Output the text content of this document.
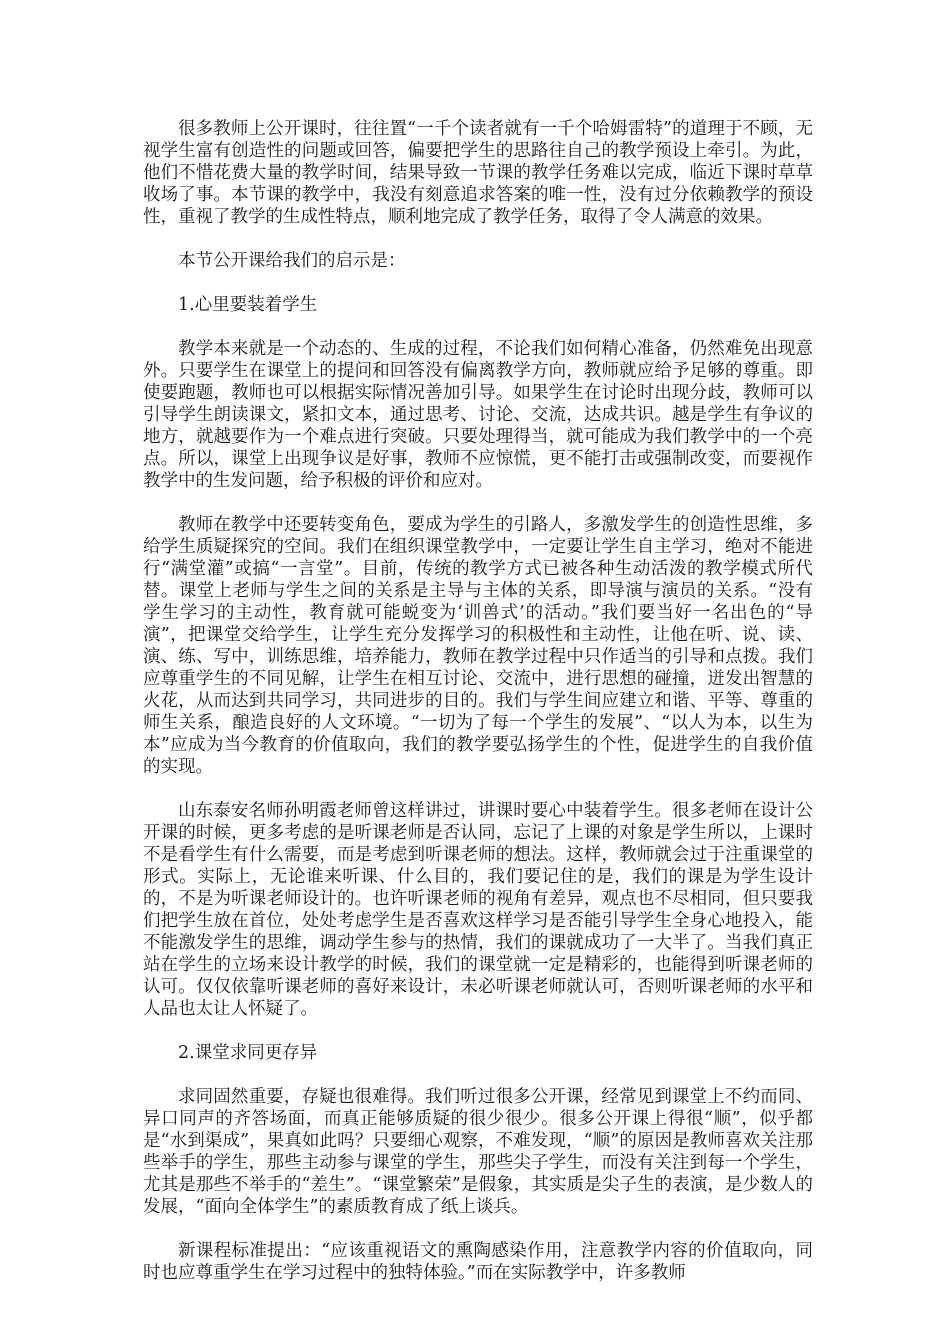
很多教师上公开课时，往往置“一千个读者就有一千个哈姆雷特”的道理于不顾，无视学生富有创造性的问题或回答，偏要把学生的思路往自己的教学预设上牵引。为此，他们不惜花费大量的教学时间，结果导致一节课的教学任务难以完成，临近下课时草草收场了事。本节课的教学中，我没有刻意追求答案的唯一性，没有过分依赖教学的预设性，重视了教学的生成性特点，顺利地完成了教学任务，取得了令人满意的效果。

本节公开课给我们的启示是：

1.心里要装着学生

教学本来就是一个动态的、生成的过程，不论我们如何精心准备，仍然难免出现意外。只要学生在课堂上的提问和回答没有偏离教学方向，教师就应给予足够的尊重。即使要跑题，教师也可以根据实际情况善加引导。如果学生在讨论时出现分歧，教师可以引导学生朗读课文，紧扣文本，通过思考、讨论、交流，达成共识。越是学生有争议的地方，就越要作为一个难点进行突破。只要处理得当，就可能成为我们教学中的一个亮点。所以，课堂上出现争议是好事，教师不应惊慌，更不能打击或强制改变，而要视作教学中的生发问题，给予积极的评价和应对。

教师在教学中还要转变角色，要成为学生的引路人，多激发学生的创造性思维，多给学生质疑探究的空间。我们在组织课堂教学中，一定要让学生自主学习，绝对不能进行“满堂灌”或搞“一言堂”。目前，传统的教学方式已被各种生动活泼的教学模式所代替。课堂上老师与学生之间的关系是主导与主体的关系，即导演与演员的关系。“没有学生学习的主动性，教育就可能蜕变为‘训兽式’的活动。”我们要当好一名出色的“导演”，把课堂交给学生，让学生充分发挥学习的积极性和主动性，让他在听、说、读、演、练、写中，训练思维，培养能力，教师在教学过程中只作适当的引导和点拨。我们应尊重学生的不同见解，让学生在相互讨论、交流中，进行思想的碰撞，迸发出智慧的火花，从而达到共同学习，共同进步的目的。我们与学生间应建立和谐、平等、尊重的师生关系，酿造良好的人文环境。“一切为了每一个学生的发展”、“以人为本，以生为本”应成为当今教育的价值取向，我们的教学要弘扬学生的个性，促进学生的自我价值的实现。

山东泰安名师孙明霞老师曾这样讲过，讲课时要心中装着学生。很多老师在设计公开课的时候，更多考虑的是听课老师是否认同，忘记了上课的对象是学生所以，上课时不是看学生有什么需要，而是考虑到听课老师的想法。这样，教师就会过于注重课堂的形式。实际上，无论谁来听课、什么目的，我们要记住的是，我们的课是为学生设计的，不是为听课老师设计的。也许听课老师的视角有差异，观点也不尽相同，但只要我们把学生放在首位，处处考虑学生是否喜欢这样学习是否能引导学生全身心地投入，能不能激发学生的思维，调动学生参与的热情，我们的课就成功了一大半了。当我们真正站在学生的立场来设计教学的时候，我们的课堂就一定是精彩的，也能得到听课老师的认可。仅仅依靠听课老师的喜好来设计，未必听课老师就认可，否则听课老师的水平和人品也太让人怀疑了。

2.课堂求同更存异

求同固然重要，存疑也很难得。我们听过很多公开课，经常见到课堂上不约而同、异口同声的齐答场面，而真正能够质疑的很少很少。很多公开课上得很“顺”，似乎都是“水到渠成”，果真如此吗？只要细心观察，不难发现，“顺”的原因是教师喜欢关注那些举手的学生，那些主动参与课堂的学生，那些尖子学生，而没有关注到每一个学生，尤其是那些不举手的“差生”。“课堂繁荣”是假象，其实质是尖子生的表演，是少数人的发展，“面向全体学生”的素质教育成了纸上谈兵。

新课程标准提出：“应该重视语文的熏陶感染作用，注意教学内容的价值取向，同时也应尊重学生在学习过程中的独特体验。”而在实际教学中，许多教师
